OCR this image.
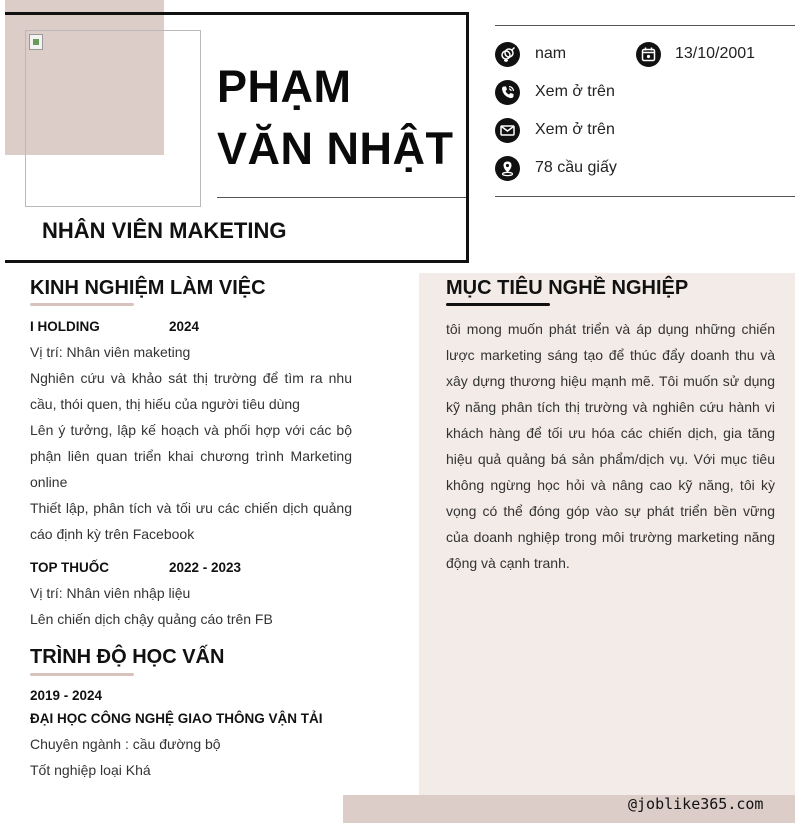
PHẠM
VĂN NHẬT
NHÂN VIÊN MAKETING
nam	13/10/2001
Xem ở trên
Xem ở trên
78 cầu giấy
MỤC TIÊU NGHỀ NGHIỆP
tôi mong muốn phát triển và áp dụng những chiến lược marketing sáng tạo để thúc đẩy doanh thu và xây dựng thương hiệu mạnh mẽ. Tôi muốn sử dụng kỹ năng phân tích thị trường và nghiên cứu hành vi khách hàng để tối ưu hóa các chiến dịch, gia tăng hiệu quả quảng bá sản phẩm/dịch vụ. Với mục tiêu không ngừng học hỏi và nâng cao kỹ năng, tôi kỳ vọng có thể đóng góp vào sự phát triển bền vững của doanh nghiệp trong môi trường marketing năng động và cạnh tranh.
KINH NGHIỆM LÀM VIỆC
I HOLDING	2024
Vị trí: Nhân viên maketing
Nghiên cứu và khảo sát thị trường để tìm ra nhu cầu, thói quen, thị hiếu của người tiêu dùng
Lên ý tưởng, lập kế hoạch và phối hợp với các bộ phận liên quan triển khai chương trình Marketing online
Thiết lập, phân tích và tối ưu các chiến dịch quảng cáo định kỳ trên Facebook
TOP THUỐC	2022 - 2023
Vị trí: Nhân viên nhập liệu
Lên chiến dịch chậy quảng cáo trên FB
TRÌNH ĐỘ HỌC VẤN
2019 - 2024
ĐẠI HỌC CÔNG NGHỆ GIAO THÔNG VẬN TẢI
Chuyên ngành : cầu đường bộ
Tốt nghiệp loại Khá
@joblike365.com
